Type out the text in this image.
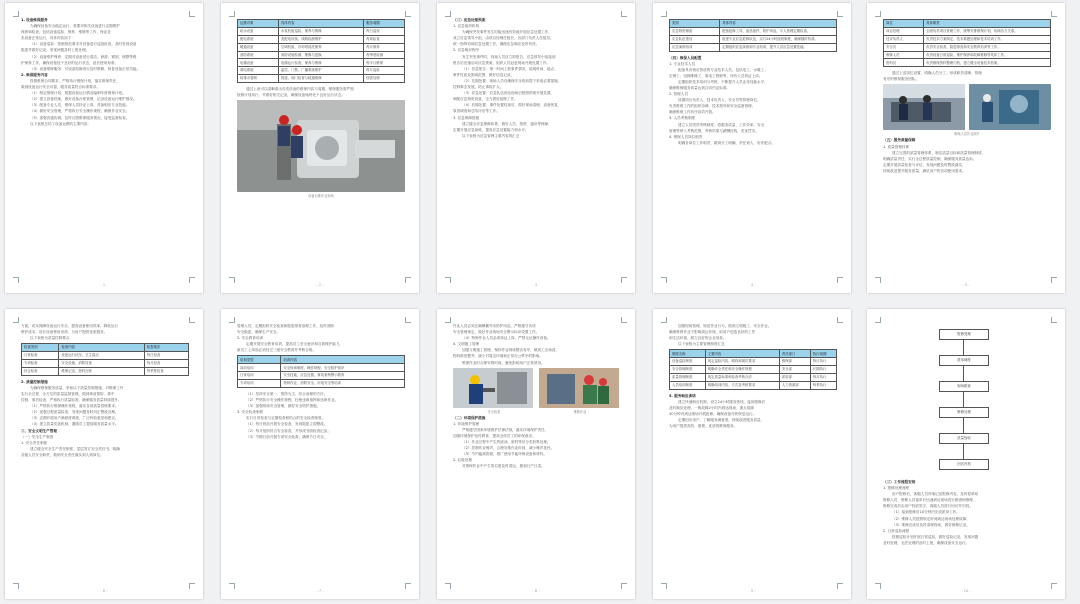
1. 设备维保服务

为确保设备安全稳定运行，需要对相关设备进行定期维护

保养和检查，包括设备巡检、保养、维修等工作，保证各

类设备正常运行，具体内容如下：

（1）设备巡检：按照规范要求对设备进行巡视检查，及时发现设备

隐患并做好记录，发现问题及时上报处理。

（2）设备维护保养：定期对设备进行清洁、润滑、紧固、调整等维

护保养工作，确保设备处于良好的运行状态，延长使用寿命。

（3）设备维修服务：对设备故障进行及时维修，恢复设备正常功能。

2. 维保服务内容

按照维保合同要求，严格执行维保计划，落实维保责任，

做到设备运行安全可靠，服务质量符合标准要求。

（1）制定维保计划，根据设备运行情况编制年度维保计划。

（2）建立设备档案，做好设备台账管理，记录设备运行维护情况。

（3）配备专业人员，维保人员持证上岗，具备相应专业技能。

（4）做好安全管理，严格执行安全操作规程，确保作业安全。

（5）加强沟通协调，及时反馈维保服务情况，接受监督检查。

以下表格总结了设备运维的主要内容：

- 1 -
运维对象	具体内容	服务周期
给水设备	水泵机组巡检、保养与维修	每日巡视
配电系统	变配电设备、线路检测维护	每周检查
暖通设备	空调机组、冷却塔清洗保养	每月保养
消防系统	消防设施检测、维修与更换	每季度检测
电梯设备	电梯运行检查、保养与维修	每半月维保
弱电系统	监控、门禁、广播系统维护	每月巡检
给排水管网	管道、阀门检查与疏通维修	按需处理

通过上表可以清晰看出各类设备的维保内容与周期，维保服务需严格

按照计划执行，并做好相关记录，确保设备始终处于良好运行状态。

设备运维作业现场

- 2 -

（三）应急处理预案

1. 应急组织机构

为确保突发事件发生时能迅速有效地开展应急处置工作，

成立应急领导小组，由项目经理任组长，各部门负责人任组员。

统一指挥协调应急处置工作，确保应急响应及时有效。

2. 应急响应程序

发生突发事件时，现场人员应立即报告，应急领导小组接到

报告后迅速启动应急预案，组织人员赶赴现场开展处置工作。

（1）信息报告：第一时间上报事件情况，说明时间、地点、

事件性质及影响范围，做好信息记录。

（2）先期处置：现场人员在确保安全的前提下采取必要措施，

控制事态发展，防止事故扩大。

（3）应急处置：应急队伍到达现场后按照预案开展处置，

调配应急物资设备，全力做好抢修工作。

（4）后期处置：事件处置结束后，做好现场清理、设备恢复、

原因调查和总结评估等工作。

3. 应急保障措施

建立健全应急保障体系，做好人员、物资、通讯等保障，

定期开展应急演练，提高应急处置能力和水平。

以下表格为应急管理主要内容的汇总：

- 3 -
类别	具体内容
应急物资储备	配备抢修工具、备品备件、防护用品，专人管理定期检查。
应急队伍建设	组建专业应急抢修队伍，实行24小时值班制度，确保随时待命。
应急演练培训	定期组织应急演练和专业培训，提升人员应急处置技能。

（四）维保人员配置

1. 专业技术人员

配备具有相应资质的专业技术人员，包括电工、水暖工、

空调工、电梯维修工、弱电工程师等，所有人员持证上岗。

定期组织技术培训与考核，不断提升人员业务技能水平，

确保维保服务质量达到合同约定标准。

2. 管理人员

设置项目负责人、技术负责人、安全员等管理岗位，

负责维保工作的组织协调、技术指导和安全监督管理，

确保维保工作有序高效开展。

3. 人员考核制度

建立人员绩效考核制度，将服务质量、工作效率、安全

管理等纳入考核范围，考核结果与薪酬挂钩，奖优罚劣。

4. 维保人员岗位职责

明确各岗位工作职责，做到分工明确、责任到人、协作配合。

- 4 -
岗位	具体职责
项目经理	全面负责项目管理工作，统筹安排维保计划，协调各方关系。
技术负责人	负责技术方案制定、技术难题处理和技术培训工作。
安全员	负责安全检查、隐患排查和安全教育培训等工作。
维修人员	负责设备日常巡检、维护保养和故障维修等具体工作。
资料员	负责维保资料整理归档，建立健全设备技术档案。

通过上述岗位设置，明确人员分工，形成职责清晰、管理

有序的维保服务团队。

维保人员作业照片

（五）服务质量保障

1. 质量管理体系

建立完善的质量管理体系，制定质量目标和质量管理制度，

明确质量责任，实行全过程质量控制，确保服务质量达标。

定期开展质量检查与评估，发现问题及时整改落实，

持续改进提升服务质量，满足用户的各项使用需求。

- 5 -

方面，切实保障设备运行安全，提高设备使用效率，降低运行

维护成本，延长设备使用寿命，为用户提供优质服务。

以下表格为质量控制要点：

检查类别	检查内容	检查频次
日常检查	设备运行状况、卫生清洁	每日检查
专项检查	安全设施、消防设备	每月检查
综合检查	维保记录、资料台账	每季度检查

2. 质量控制措施

为确保维保服务质量，采取以下质量控制措施，对维保工作

实行全过程、全方位的质量监督管理，做到事前预防、事中

控制、事后检查，严格执行质量标准，确保服务质量持续提升。

（1）严格执行维保操作规程，落实各项质量管理要求。

（2）加强过程质量检查，发现问题及时纠正整改处理。

（3）定期开展用户满意度调查，广泛听取意见和建议。

（4）建立质量奖惩机制，激励员工提高服务质量水平。

三、安全文明生产管理

（一）安全生产制度

1. 安全责任制度

建立健全安全生产责任制度，层层签订安全责任书，明确

各级人员安全职责，做到安全责任落实到人到岗位。

- 6 -

管理人员，定期组织安全检查和隐患排查治理工作，及时消除

安全隐患，确保生产安全。

2. 安全教育培训

定期开展安全教育培训，提高员工安全意识和自我保护能力，

新员工上岗前必须经过三级安全教育并考核合格。

培训类型	培训内容
岗前培训	安全规章制度、操作规程、安全防护知识
日常培训	安全技能、应急处置、事故案例警示教育
专项培训	特种作业、消防安全、用电安全等培训

（1）坚持安全第一、预防为主、综合治理的方针。

（2）严格执行安全操作规程，杜绝违章指挥和违章作业。

（3）加强现场安全管理，做好安全防护措施。

3. 安全检查制度

实行日常检查与定期检查相结合的安全检查制度。

（1）每日班前开展安全检查，发现隐患立即整改。

（2）每月组织综合安全检查，并形成书面检查记录。

（3）节假日前开展专项安全检查，确保节日安全。

- 7 -

作业人员必须正确佩戴劳动防护用品，严格遵守各项

安全管理规定，做好作业现场安全警示标识设置工作。

（4）特种作业人员必须持证上岗，严禁无证操作设备。

4. 文明施工管理

加强文明施工管理，保持作业现场整洁有序，做到工完场清，

物料堆放整齐，减少对周边环境和正常办公秩序的影响。

维保作业时合理安排时间，避免影响用户正常使用。

安全检查	维修作业

（二）环境保护措施

1. 环境保护管理

严格遵守国家环境保护法律法规，落实环境保护责任，

加强环境保护宣传教育，提高全体员工的环保意识。

（1）作业过程中产生的废油、废料等应分类收集处理。

（2）控制作业噪声，合理安排作业时间，减少噪声扰民。

（3）节约能源资源，推广使用节能环保设备和材料。

2. 垃圾处理

对维保作业中产生的垃圾及时清运，做到日产日清。

- 8 -

加强现场管理，规范作业行为，做到文明施工、安全作业。

确保维保作业不影响周边环境，给用户创造良好的工作

和生活环境，树立良好的企业形象。

以下表格为主要管理制度汇总：

制度名称	主要内容	责任部门	执行周期
设备巡检制度	规定巡检内容、路线和频次要求	维保部	每日执行
安全管理制度	明确安全责任和安全操作规程	安全部	长期执行
质量管理制度	规定质量标准和检查考核办法	质检部	每月执行
人员培训制度	明确培训内容、方式及考核要求	人力资源部	每季执行

5. 服务响应承诺

建立快速响应机制，设立24小时服务热线，接到报修后

及时响应处理，一般故障2小时内到达现场，重大故障

30分钟内到达现场开展抢修，确保设备尽快恢复运行。

定期回访用户，了解服务满意度，持续改进服务质量，

为用户提供高效、便捷、优质的维保服务。

- 9 -
报修受理
派单调度
现场勘查
维修处理
质量验收
回访归档

（三）工作流程安排

1. 报修处理流程

用户报修后，客服人员详细记录报修内容，及时派单给

维修人员，维修人员接单后迅速到达现场进行勘查和维修，

维修完成后由用户验收签字，客服人员进行回访并归档。

（1）接到报修后10分钟内完成派单工作。

（2）维修人员按照规定时间到达现场处理故障。

（3）维修完成后及时清理现场，做好维修记录。

2. 日常巡检流程

按照巡检计划开展日常巡检，做好巡检记录，发现问题

及时处理，无法处理的及时上报，确保设备安全运行。

- 10 -
